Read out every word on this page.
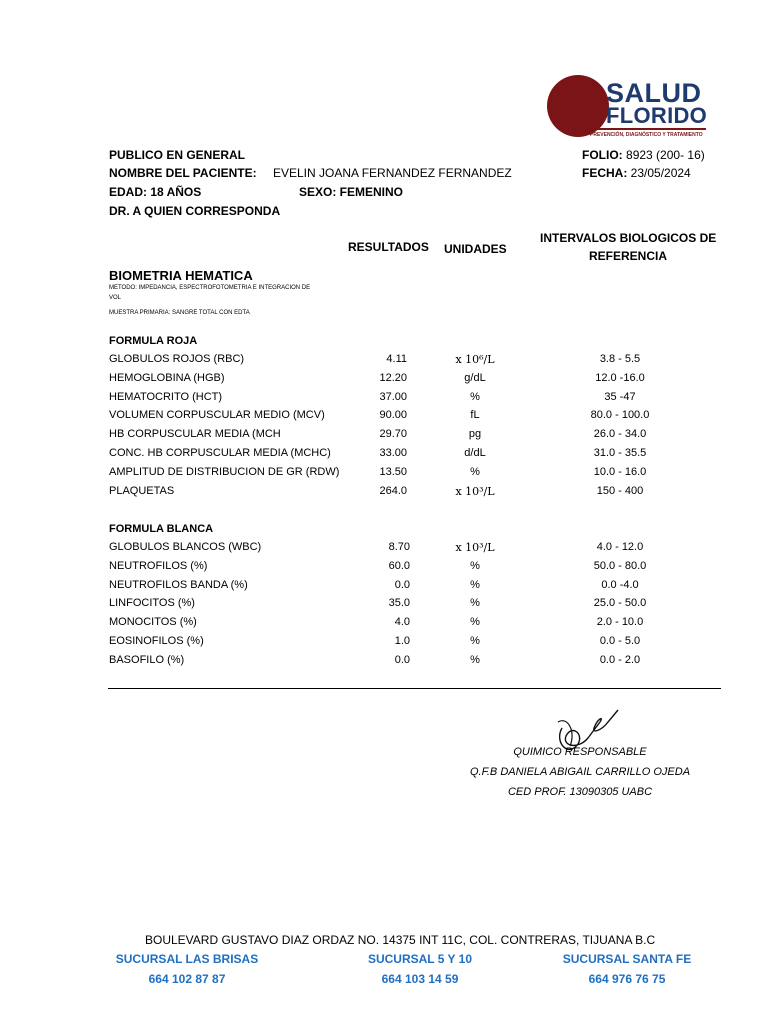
SALUD
FLORIDO
PREVENCIÓN, DIAGNÓSTICO Y TRATAMIENTO
PUBLICO EN GENERAL
NOMBRE DEL PACIENTE: EVELIN JOANA FERNANDEZ FERNANDEZ
EDAD: 18 AÑOS	SEXO: FEMENINO
DR. A QUIEN CORRESPONDA
FOLIO: 8923 (200- 16)
FECHA: 23/05/2024
RESULTADOS UNIDADES
INTERVALOS BIOLOGICOS DE
REFERENCIA
BIOMETRIA HEMATICA
METODO: IMPEDANCIA, ESPECTROFOTOMETRIA E INTEGRACION DE
VOL
MUESTRA PRIMARIA: SANGRE TOTAL CON EDTA
FORMULA ROJA
GLOBULOS ROJOS (RBC)	4.11	x 10⁶/L	3.8 - 5.5
HEMOGLOBINA (HGB)	12.20	g/dL	12.0 -16.0
HEMATOCRITO (HCT)	37.00	%	35 -47
VOLUMEN CORPUSCULAR MEDIO (MCV)	90.00	fL	80.0 - 100.0
HB CORPUSCULAR MEDIA (MCH	29.70	pg	26.0 - 34.0
CONC. HB CORPUSCULAR MEDIA (MCHC)	33.00	d/dL	31.0 - 35.5
AMPLITUD DE DISTRIBUCION DE GR (RDW)	13.50	%	10.0 - 16.0
PLAQUETAS	264.0	x 10³/L	150 - 400
FORMULA BLANCA
GLOBULOS BLANCOS (WBC)	8.70	x 10³/L	4.0 - 12.0
NEUTROFILOS (%)	60.0	%	50.0 - 80.0
NEUTROFILOS BANDA (%)	0.0	%	0.0 -4.0
LINFOCITOS (%)	35.0	%	25.0 - 50.0
MONOCITOS (%)	4.0	%	2.0 - 10.0
EOSINOFILOS (%)	1.0	%	0.0 - 5.0
BASOFILO (%)	0.0	%	0.0 - 2.0
QUIMICO RESPONSABLE
Q.F.B DANIELA ABIGAIL CARRILLO OJEDA
CED PROF. 13090305 UABC
BOULEVARD GUSTAVO DIAZ ORDAZ NO. 14375 INT 11C, COL. CONTRERAS, TIJUANA B.C
SUCURSAL LAS BRISAS
664 102 87 87
SUCURSAL 5 Y 10
664 103 14 59
SUCURSAL SANTA FE
664 976 76 75
